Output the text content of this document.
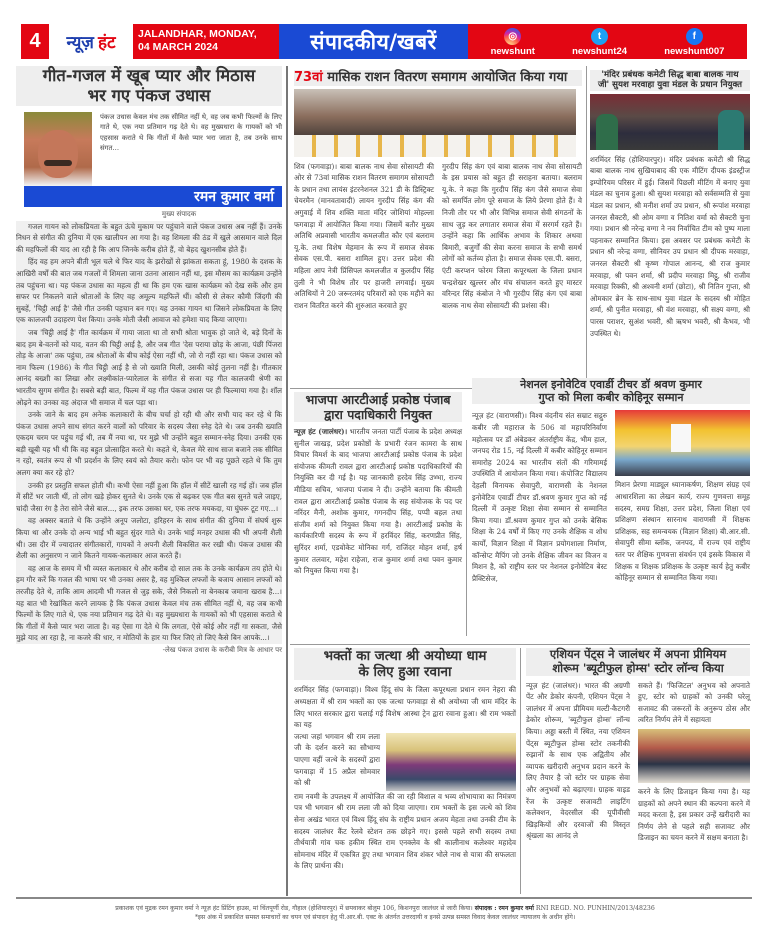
4	न्यूज़ हंट JALANDHAR, MONDAY,
04 MARCH 2024	संपादकीय/खबरें	◎
newshunt
t
newshunt24
f
newshunt007
गीत-गजल में खूब प्यार और मिठास
भर गए पंकज उधास
पंकज उधास केवल मंच तक सीमित नहीं थे, वह जब कभी फिल्मों के लिए गाते थे, एक नया प्रतिमान गढ़ देते थे। वह मुख्यधारा के गायकों को भी एहसास कराते थे कि गीतों में कैसे प्यार भरा जाता है, तब उनके साथ संगत...
रमन कुमार वर्मा
मुख्य संपादक

गजल गायन को लोकप्रियता के बहुत ऊंचे मुकाम पर पहुंचाने वाले पंकज उधास अब नहीं हैं। उनके निधन से संगीत की दुनिया में एक खालीपन आ गया है। वह शिमला की ठंड में खुले आसमान वाले दिल की महफिलों की याद आ रही है कि आप जिनके करीब होते हैं, वो बेहद खुशनसीब होते हैं।

हिंद वह हम अपने बीती भूल चले थे फिर याद के झरोखों से झांकता सकता हूं, 1980 के दशक के आखिरी वर्षों की बात जब गजलों में शिमला जाना उतना आसान नहीं था, इस मौसम का कार्यक्रम उन्होंने तब पहुंचना था। यह पंकज उधास का महत्व ही था कि हम एक खास कार्यक्रम को देख सकें और हम सफर पर निकलने वाले श्रोताओं के लिए वह अमूल्य महफिलें थीं। कौसी से लेकर कौमी जिंदगी की सुबहें, 'चिट्ठी आई है' जैसे गीत उनकी पहचान बन गए। यह उनका गायन था जिसने लोकप्रियता के लिए एक कालजयी उदाहरण पेश किया। उनके मोती जैसी आवाज को हमेशा याद किया जाएगा।

जब 'चिट्ठी आई है' गीत कार्यक्रम में गाया जाता था तो सभी श्रोता भावुक हो जाते थे, बड़े दिनों के बाद हम बे-वतनों को याद, वतन की चिट्ठी आई है, और जब गीत 'देस पराया छोड़ के आजा, पंछी पिंजरा तोड़ के आजा' तक पहुंचा, तब श्रोताओं के बीच कोई ऐसा नहीं थी, जो रो नहीं रहा था। पंकज उधास को नाम फिल्म (1986) के गीत चिट्ठी आई है से जो ख्याति मिली, उसकी कोई तुलना नहीं है। गीतकार आनंद बख्शी का लिखा और लक्ष्मीकांत-प्यारेलाल के संगीत से सजा यह गीत कालजयी श्रेणी का भारतीय सुगम संगीत है। सबसे बड़ी बात, फिल्म में यह गीत पंकज उधास पर ही फिल्माया गया है। शॉल ओढ़ने का उनका वह अंदाज भी समाज में चल पड़ा था।

उनके जाने के बाद हम अनेक कलाकारों के बीच चर्चा हो रही थी और सभी याद कर रहे थे कि पंकज उधास अपने साथ संगत करने वालों को परिवार के सदस्य जैसा स्नेह देते थे। जब उनकी ख्याति एकदम चरम पर पहुंच गई थी, तब मैं नया था, पर मुझे भी उन्होंने बहुत सम्मान-स्नेह दिया। उनकी एक बड़ी खूबी यह भी थी कि वह बहुत प्रोत्साहित करते थे। कहते थे, केवल मेरे साथ साज बजाने तक सीमित न रहो, स्वतंत्र रूप से भी प्रदर्शन के लिए स्वयं को तैयार करो। फोन पर भी वह पूछते रहते थे कि तुम अलग क्या कर रहे हो?

उनकी हर प्रस्तुति सफल होती थी। कभी ऐसा नहीं हुआ कि हॉल में सीटें खाली रह गई हों। जब हॉल में सीटें भर जाती थीं, तो लोग खड़े होकर सुनते थे। उनके एक से बढ़कर एक गीत बस सुनते चले जाइए, चांदी जैसा रंग है तेरा सोने जैसे बाल..., इक तरफ उसका घर, एक तरफ मयकदा, या घुंघरू टूट गए...।

वह अक्सर बताते थे कि उन्होंने अनूप जलोटा, हरिहरन के साथ संगीत की दुनिया में संघर्ष शुरू किया था और उनके दो अन्य भाई भी बहुत सुंदर गाते थे। उनके भाई मनहर उधास की भी अपनी शैली थी। उस दौर में ज्यादातर संगीतकारों, गायकों ने अपनी शैली विकसित कर रखी थी। पंकज उधास की शैली का अनुसरण न जाने कितने गायक-कलाकार आज करते हैं।

वह आज के समय में भी व्यस्त कलाकार थे और करीब दो साल तक के उनके कार्यक्रम तय होते थे। हम गौर करें कि गजल की भाषा पर भी उनका असर है, वह मुश्किल लफ्जों के बजाय आसान लफ्जों को तरजीह देते थे, ताकि आम आदमी भी गजल से जुड़ सके, जैसे निकलो ना बेनकाब जमाना खराब है...। यह बात भी रेखांकित करने लायक है कि पंकज उधास केवल मंच तक सीमित नहीं थे, वह जब कभी फिल्मों के लिए गाते थे, एक नया प्रतिमान गढ़ देते थे। वह मुख्यधारा के गायकों को भी एहसास कराते थे कि गीतों में कैसे प्यार भरा जाता है। वह ऐसा गा देते थे कि लगता, ऐसे कोई और नहीं गा सकता, जैसे मुझे याद आ रहा है, ना कजरे की धार, न मोतियों के हार या फिर जिएं तो जिएं कैसे बिन आपके...।

-लेख पंकज उधास के करीबी मित्र के आधार पर
73वां मासिक राशन वितरण समागम आयोजित किया गया
शिव (फगवाड़ा)। बाबा बालक नाथ सेवा सोसायटी की ओर से 73वां मासिक राशन वितरण समागम सोसायटी के प्रधान तथा लायंस इंटरनेशनल 321 डी के डिस्ट्रिक्ट चेयरमैन (मानवतावादी) लायन गुरदीप सिंह कंग की अगुवाई में शिव शक्ति माता मंदिर जोशियां मोहल्ला फगवाड़ा में आयोजित किया गया। जिसमें बतौर मुख्य अतिथि अप्रवासी भारतीय कमलजीत कौर एवं बलराम यू.के. तथा विशेष मेहमान के रूप में समाज सेवक सेवक एस.पी. बसरा शामिल हुए। उत्तर प्रदेश की महिला आप नेत्री प्रिंसिपल कमलजीत व कुलदीप सिंह तुली ने भी विशेष तौर पर हाजरी लगवाई। मुख्य अतिथियों ने 20 जरूरतमंद परिवारों को एक महीने का राशन वितरित करने की शुरुआत करवाते हुए
गुरदीप सिंह कंग एवं बाबा बालक नाथ सेवा सोसायटी के इस प्रयास को बहुत ही सराहना बताया। बलराम यू.के. ने कहा कि गुरदीप सिंह कंग जैसे समाज सेवा को समर्पित लोग पूरे समाज के लिये प्रेरणा होते हैं। वे निजी तौर पर भी और विभिन्न समाज सेवी संगठनों के साथ जुड़ कर लगातार समाज सेवा में सरगर्म रहते हैं। उन्होंने कहा कि आर्थिक अभाव के शिकार अथवा बिमारी, बजुर्गों की सेवा करना समाज के सभी समर्थ लोगों को कर्तव्य होता है। समाज सेवक एस.पी. बसरा, एंटी करप्शन फोरम जिला कपूरथला के जिला प्रधान चन्द्रशेखर खुल्लर और मंच संचालन करते हुए मास्टर वरिन्दर सिंह कंबोज ने भी गुरदीप सिंह कंग एवं बाबा बालक नाथ सेवा सोसायटी की प्रशंसा की।
'मंदिर प्रबंधक कमेटी सिद्ध बाबा बालक नाथ
जी' सुयश मरवाहा युवा मंडल के प्रधान नियुक्त
शरमिंदर सिंह (होशियारपुर)। मंदिर प्रबंधक कमेटी श्री सिद्ध बाबा बालक नाथ सुखियाबाद की एक मीटिंग दीपक इंडस्ट्रीज इम्पोरियम परिसर में हुई। जिसमें पिछली मीटिंग में बनाए युवा मंडल का चुनाव हुआ। श्री सुयश मरवाहा को सर्वसम्मति से युवा मंडल का प्रधान, श्री मनीश शर्मा उप प्रधान, श्री रूपांश मरवाहा जनरल सैक्टरी, श्री ओम वग्गा व नितिश वर्मा को सैक्टरी चुना गया। प्रधान श्री नरेन्द्र वग्गा ने नव निर्वाचित टीम को पुष्प माला पहनाकर सम्मानित किया। इस अवसर पर प्रबंधक कमेटी के प्रधान श्री नरेन्द्र वग्गा, सीनियर उप प्रधान श्री दीपक मरवाहा, जनरल सैक्टरी श्री कृष्ण गोपाल आनन्द, श्री राज कुमार मरवाहा, श्री पवन शर्मा, श्री प्रदीप मरवाहा मिट्ठू, श्री राजीव मरवाहा रिक्की, श्री अश्वनी शर्मा (छोटा), श्री नितिन गुप्ता, श्री ओमकार ब्रेन के साथ-साथ युवा मंडल के सदस्य श्री मोहित शर्मा, श्री पुनीत मरवाहा, श्री वंश मरवाहा, श्री सक्ष्य वग्गा, श्री पारस पराशर, सुअंश भवरी, श्री ऋषभ भवरी, श्री कैभव, भी उपस्थित थे।
भाजपा आरटीआई प्रकोष्ठ पंजाब
द्वारा पदाधिकारी नियुक्त
न्यूज़ हंट (जालंधर)। भारतीय जनता पार्टी पंजाब के प्रदेश अध्यक्ष सुनील जाखड़, प्रदेश प्रकोष्ठों के प्रभारी रंजन कामरा के साथ विचार विमर्श के बाद भाजपा आरटीआई प्रकोष्ठ पंजाब के प्रदेश संयोजक कीमती रावल द्वारा आरटीआई प्रकोष्ठ पदाधिकारियों की नियुक्ति कर दी गई है। यह जानकारी हरदेव सिंह उभ्भा, राज्य मीडिया सचिव, भाजपा पंजाब ने दी। उन्होंने बताया कि कीमती रावल द्वारा आरटीआई प्रकोष्ठ पंजाब के सह संयोजक के पद पर नरिंदर मैनी, अशोक कुमार, गगनदीप सिंह, पप्पी बहल तथा संजीव शर्मा को नियुक्त किया गया है। आरटीआई प्रकोष्ठ के कार्यकारिणी सदस्य के रूप में हरविंदर सिंह, करणप्रीत सिंह, सुरिंदर शर्मा, एडवोकेट मोनिका गर्ग, राजिंदर मोहन शर्मा, हर्ष कुमार तलवार, महेश राहेजा, राज कुमार शर्मा तथा पवन कुमार को नियुक्त किया गया है।
नेशनल इनोवेटिव एवार्डी टीचर डॉ श्रवण कुमार
गुप्त को मिला कबीर कोहिनूर सम्मान
न्यूज़ हंट (वाराणसी)। विश्व वंदनीय संत सम्राट सद्गुरु कबीर जी महाराज के 506 वां महापरिनिर्वाण महोत्सव पर डॉ अंबेडकर अंतर्राष्ट्रीय केंद्र, भीम हाल, जनपद रोड 15, नई दिल्ली में कबीर कोहिनूर सम्मान समारोह 2024 का भारतीय संतों की गरिमामई उपस्थिति में आयोजन किया गया। कंपोजिट विद्यालय देहली विनायक सेवापुरी, वाराणसी के नेशनल इनोवेटिव एवार्डी टीचर डॉ.श्रवण कुमार गुप्त को नई दिल्ली में उत्कृष्ट शिक्षा सेवा सम्मान से सम्मानित किया गया। डॉ.श्रवण कुमार गुप्त को उनके बेसिक शिक्षा के 24 वर्षों में किए गए उनके शैक्षिक व शोध कार्यों, विज्ञान शिक्षा में विज्ञान प्रयोगशाला निर्माण, कॉन्सेप्ट मैपिंग जो उनके शैक्षिक जीवन का विजन व मिशन है, को राष्ट्रीय स्तर पर नेशनल इनोवेटिव बेस्ट प्रैक्टिसेज,
मिशन प्रेरणा माड्यूल ध्यानाकर्षण, शिक्षण संग्रह एवं आधारशिला का लेखन कार्य, राज्य गुणवत्ता समूह सदस्य, समग्र शिक्षा, उत्तर प्रदेश, जिला शिक्षा एवं प्रशिक्षण संस्थान सारनाथ वाराणसी में शिक्षक प्रशिक्षक, सह समन्वयक (विज्ञान शिक्षा) बी.आर.सी. सेवापुरी सीमा ब्लॉक, जनपद, में राज्य एवं राष्ट्रीय स्तर पर शैक्षिक गुणवत्ता संवर्धन एवं इसके विकास में शिक्षक व शिक्षक प्रशिक्षक के उत्कृष्ट कार्य हेतु कबीर कोहिनूर सम्मान से सम्मानित किया गया।
भक्तों का जत्था श्री अयोध्या धाम
के लिए हुआ रवाना
शरमिंदर सिंह (फगवाड़ा)। विश्व हिंदू संघ के जिला कपूरथला प्रधान रमन नेहरा की अध्यक्षता में श्री राम भक्तों का एक जत्था फगवाड़ा से श्री अयोध्या जी धाम मंदिर के लिए भारत सरकार द्वारा चलाई गई विशेष आस्था ट्रेन द्वारा रवाना हुआ। श्री राम भक्तों का यह
जत्था जहां भगवान श्री राम लला जी के दर्शन करने का सौभाग्य पाएगा वहीं जत्थे के सदस्यों द्वारा फगवाड़ा में 15 अप्रैल सोमवार को श्री
राम नवमी के उपलक्ष्य में आयोजित की जा रही विशाल व भव्य शोभायात्रा का निमंत्रण पत्र भी भगवान श्री राम लला जी को दिया जाएगा। राम भक्तों के इस जत्थे को शिव सेना अखंड भारत एवं विश्व हिंदू संघ के राष्ट्रीय प्रधान अजय मेहता तथा उनकी टीम के सदस्य जालंधर कैंट रेलवे स्टेशन तक छोड़ने गए। इससे पहले सभी सदस्य तथा तीर्थयात्री गांव चक हकीम स्थित राम एनक्लेव के श्री कालीनाथ कलेश्वर महादेव सोमनाथ मंदिर में एकत्रित हुए तथा भगवान शिव शंकर भोले नाथ से यात्रा की सफलता के लिए प्रार्थना की।
एशियन पेंट्स ने जालंधर में अपना प्रीमियम
शोरूम 'ब्यूटीफुल होम्स' स्टोर लॉन्च किया
न्यूज़ हंट (जालंधर)। भारत की अग्रणी पेंट और डेकोर कंपनी, एशियन पेंट्स ने जालंधर में अपना प्रीमियम मल्टी-कैटगरी डेकोर शोरूम, 'ब्यूटीफुल होम्स' लॉन्च किया। अड्डा बस्ती में स्थित, नया एशियन पेंट्स ब्यूटीफुल होम्स स्टोर तकनीकी रुझानों के साथ एक अद्वितीय और व्यापक खरीदारी अनुभव प्रदान करने के लिए तैयार है जो स्टोर पर ग्राहक सेवा और अनुभवों को बढ़ाएगा। ग्राहक वाइड रेंज के उत्कृष्ट सजावटी लाइटिंग कलेक्शन, वेदरसील की यूपीवीसी खिड़कियों और दरवाजों की विस्तृत श्रृंखला का आनंद ले
सकते हैं। 'फिजिटल' अनुभव को अपनाते हुए, स्टोर को ग्राहकों को उनकी घरेलू सजावट की जरूरतों के अनुरूप ठोस और त्वरित निर्णय लेने में सहायता
करने के लिए डिजाइन किया गया है। यह ग्राहकों को अपने स्थान की कल्पना करने में मदद करता है, इस प्रकार उन्हें खरीदारी का निर्णय लेने से पहले सही सजावट और डिजाइन का चयन करने में सक्षम बनाता है।
प्रकाशक एवं मुद्रक रमन कुमार वर्मा ने न्यूज़ हंट प्रिंटिंग हाउस, मां चिंतपूर्णी रोड, गौहाल (होशियारपुर) में छपवाकर बोलुम 106, किशनपुरा जालंधर से जारी किया। संपादक : रमन कुमार वर्मा RNI REGD. NO. PUNHIN/2013/48236
*इस अंक में प्रकाशित समस्त समाचारों का चयन एवं संपादन हेतु पी.आर.बी. एक्ट के अंतर्गत उत्तरदायी व इनसे उत्पन्न समस्त विवाद केवल जालंधर न्यायालय के अधीन होंगे।
